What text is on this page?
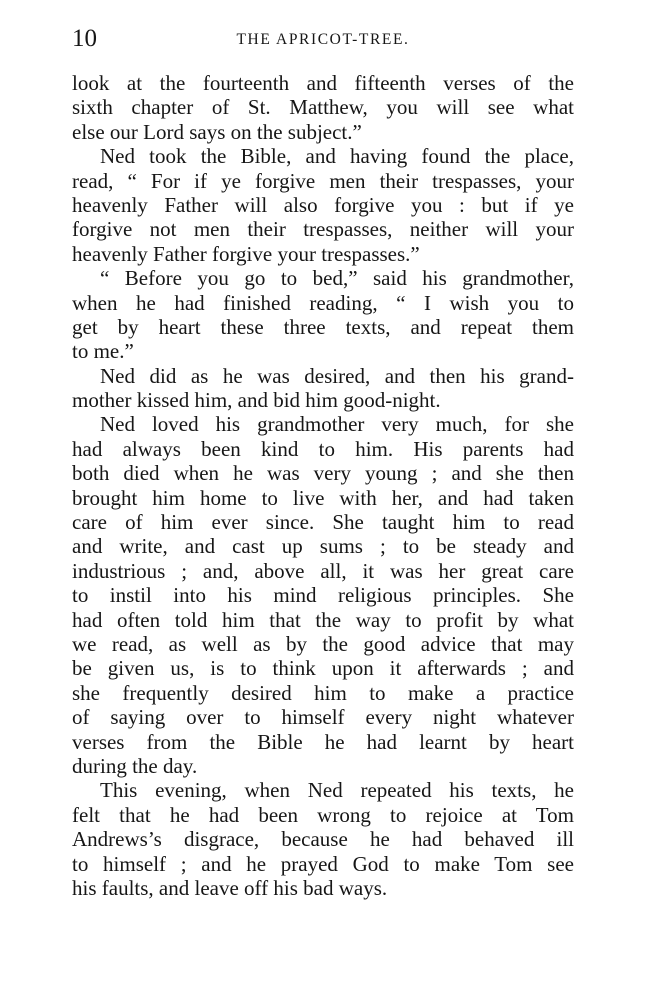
10	THE APRICOT-TREE.
look at the fourteenth and fifteenth verses of the
sixth chapter of St. Matthew, you will see what
else our Lord says on the subject.”
Ned took the Bible, and having found the place,
read, “ For if ye forgive men their trespasses, your
heavenly Father will also forgive you : but if ye
forgive not men their trespasses, neither will your
heavenly Father forgive your trespasses.”
“ Before you go to bed,” said his grandmother,
when he had finished reading, “ I wish you to
get by heart these three texts, and repeat them
to me.”
Ned did as he was desired, and then his grand-
mother kissed him, and bid him good-night.
Ned loved his grandmother very much, for she
had always been kind to him. His parents had
both died when he was very young ; and she then
brought him home to live with her, and had taken
care of him ever since. She taught him to read
and write, and cast up sums ; to be steady and
industrious ; and, above all, it was her great care
to instil into his mind religious principles. She
had often told him that the way to profit by what
we read, as well as by the good advice that may
be given us, is to think upon it afterwards ; and
she frequently desired him to make a practice
of saying over to himself every night whatever
verses from the Bible he had learnt by heart
during the day.
This evening, when Ned repeated his texts, he
felt that he had been wrong to rejoice at Tom
Andrews’s disgrace, because he had behaved ill
to himself ; and he prayed God to make Tom see
his faults, and leave off his bad ways.
